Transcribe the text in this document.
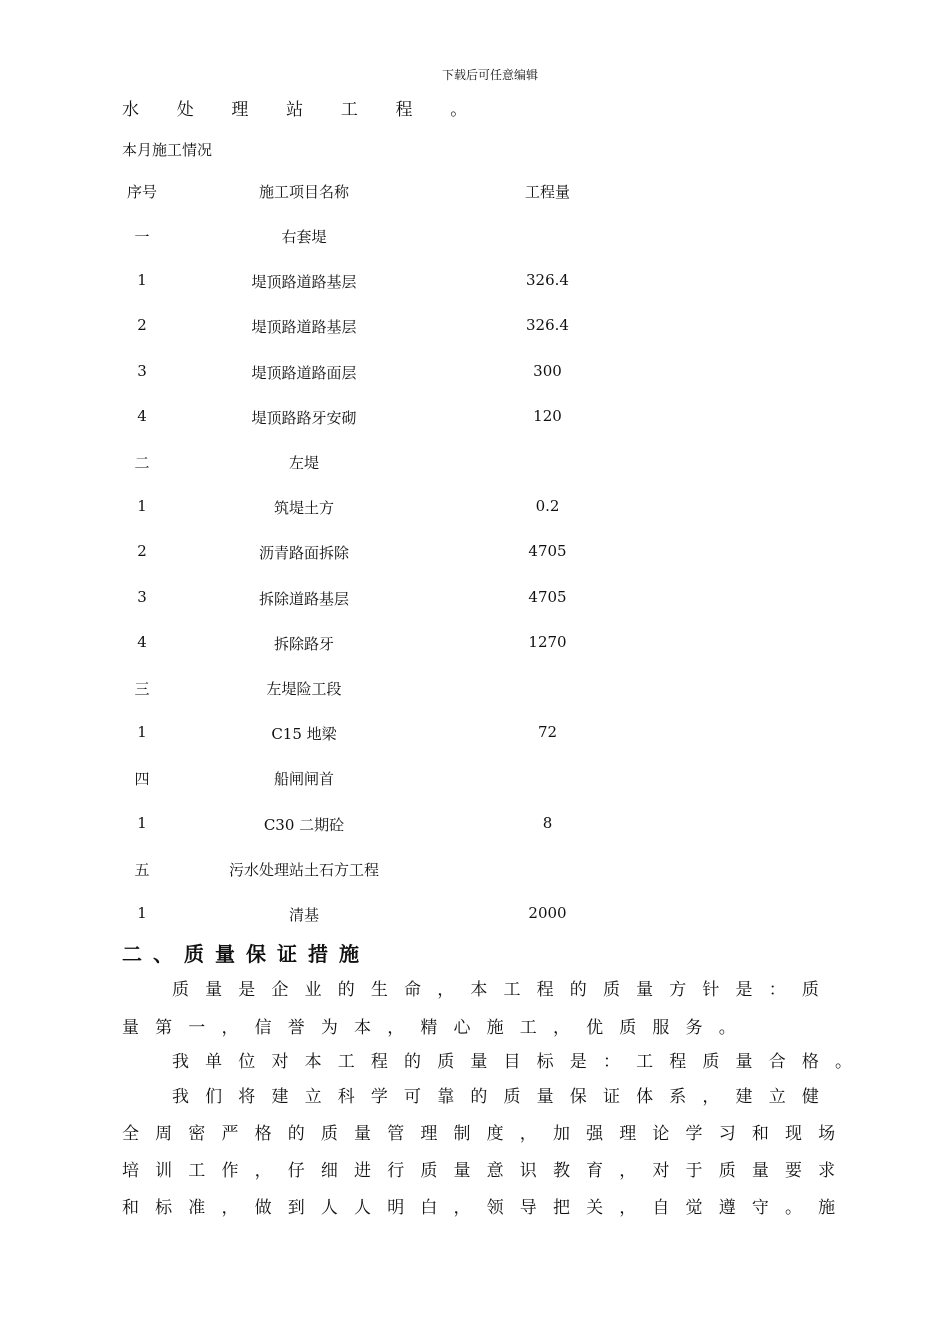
下载后可任意编辑
水 处 理 站 工 程 。
本月施工情况
序号	施工项目名称	工程量
一	右套堤
1	堤顶路道路基层	326.4
2	堤顶路道路基层	326.4
3	堤顶路道路面层	300
4	堤顶路路牙安砌	120
二	左堤
1	筑堤土方	0.2
2	沥青路面拆除	4705
3	拆除道路基层	4705
4	拆除路牙	1270
三	左堤险工段
1	C15 地梁	72
四	船闸闸首
1	C30 二期砼	8
五	污水处理站土石方工程
1	清基	2000
二、质量保证措施
质量是企业的生命，本工程的质量方针是：质
量第一，信誉为本，精心施工，优质服务。
我单位对本工程的质量目标是：工程质量合格。
我们将建立科学可靠的质量保证体系，建立健
全周密严格的质量管理制度，加强理论学习和现场
培训工作，仔细进行质量意识教育，对于质量要求
和标准，做到人人明白，领导把关，自觉遵守。施
